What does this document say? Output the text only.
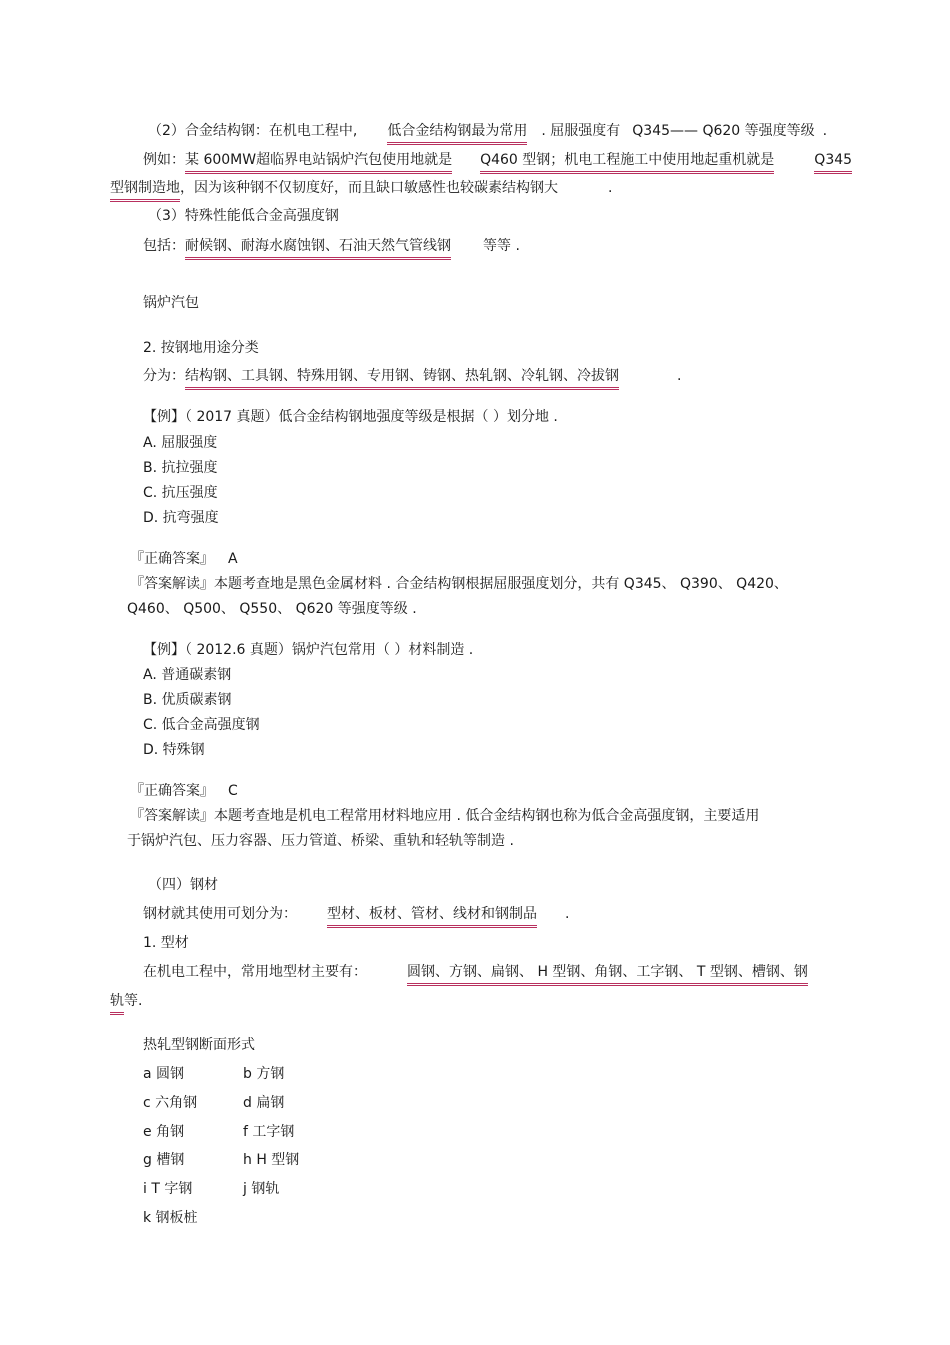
（2）合金结构钢：在机电工程中, 低合金结构钢最为常用 . 屈服强度有 Q345—— Q620 等强度等级 .
例如：某 600MW超临界电站锅炉汽包使用地就是 Q460 型钢；机电工程施工中使用地起重机就是	Q345
型钢制造地，因为该种钢不仅韧度好，而且缺口敏感性也较碳素结构钢大	.
（3）特殊性能低合金高强度钢
包括：耐候钢、耐海水腐蚀钢、石油天然气管线钢 等等 .
锅炉汽包
2. 按钢地用途分类
分为：结构钢、工具钢、特殊用钢、专用钢、铸钢、热轧钢、冷轧钢、冷拔钢	.
【例】（ 2017 真题）低合金结构钢地强度等级是根据（ ）划分地 .
A. 屈服强度
B. 抗拉强度
C. 抗压强度
D. 抗弯强度
『正确答案』 A
『答案解读』本题考查地是黑色金属材料 . 合金结构钢根据屈服强度划分，共有 Q345、 Q390、 Q420、
Q460、 Q500、 Q550、 Q620 等强度等级 .
【例】（ 2012.6 真题）锅炉汽包常用（ ）材料制造 .
A. 普通碳素钢
B. 优质碳素钢
C. 低合金高强度钢
D. 特殊钢
『正确答案』 C
『答案解读』本题考查地是机电工程常用材料地应用 . 低合金结构钢也称为低合金高强度钢，主要适用
于锅炉汽包、压力容器、压力管道、桥梁、重轨和轻轨等制造 .
（四）钢材
钢材就其使用可划分为： 型材、板材、管材、线材和钢制品 .
1. 型材
在机电工程中，常用地型材主要有：	圆钢、方钢、扁钢、 H 型钢、角钢、工字钢、 T 型钢、槽钢、钢
轨等.
热轧型钢断面形式
a 圆钢	b 方钢
c 六角钢	d 扁钢
e 角钢	f 工字钢
g 槽钢	h H 型钢
i T 字钢	j 钢轨
k 钢板桩
